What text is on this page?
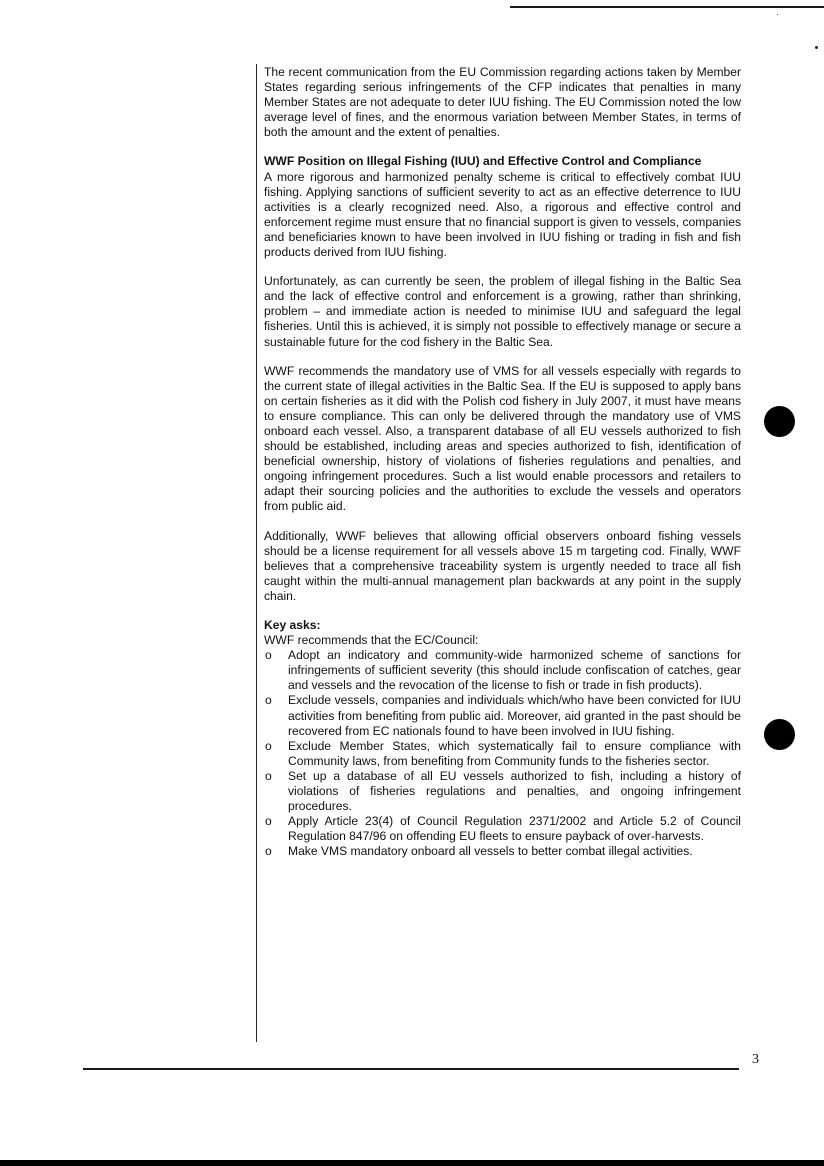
·

The recent communication from the EU Commission regarding actions taken by Member States regarding serious infringements of the CFP indicates that penalties in many Member States are not adequate to deter IUU fishing. The EU Commission noted the low average level of fines, and the enormous variation between Member States, in terms of both the amount and the extent of penalties.

WWF Position on Illegal Fishing (IUU) and Effective Control and Compliance

A more rigorous and harmonized penalty scheme is critical to effectively combat IUU fishing. Applying sanctions of sufficient severity to act as an effective deterrence to IUU activities is a clearly recognized need. Also, a rigorous and effective control and enforcement regime must ensure that no financial support is given to vessels, companies and beneficiaries known to have been involved in IUU fishing or trading in fish and fish products derived from IUU fishing.

Unfortunately, as can currently be seen, the problem of illegal fishing in the Baltic Sea and the lack of effective control and enforcement is a growing, rather than shrinking, problem – and immediate action is needed to minimise IUU and safeguard the legal fisheries. Until this is achieved, it is simply not possible to effectively manage or secure a sustainable future for the cod fishery in the Baltic Sea.

WWF recommends the mandatory use of VMS for all vessels especially with regards to the current state of illegal activities in the Baltic Sea. If the EU is supposed to apply bans on certain fisheries as it did with the Polish cod fishery in July 2007, it must have means to ensure compliance. This can only be delivered through the mandatory use of VMS onboard each vessel. Also, a transparent database of all EU vessels authorized to fish should be established, including areas and species authorized to fish, identification of beneficial ownership, history of violations of fisheries regulations and penalties, and ongoing infringement procedures. Such a list would enable processors and retailers to adapt their sourcing policies and the authorities to exclude the vessels and operators from public aid.

Additionally, WWF believes that allowing official observers onboard fishing vessels should be a license requirement for all vessels above 15 m targeting cod. Finally, WWF believes that a comprehensive traceability system is urgently needed to trace all fish caught within the multi-annual management plan backwards at any point in the supply chain.

Key asks:

WWF recommends that the EC/Council:

o Adopt an indicatory and community-wide harmonized scheme of sanctions for infringements of sufficient severity (this should include confiscation of catches, gear and vessels and the revocation of the license to fish or trade in fish products).
o Exclude vessels, companies and individuals which/who have been convicted for IUU activities from benefiting from public aid. Moreover, aid granted in the past should be recovered from EC nationals found to have been involved in IUU fishing.
o Exclude Member States, which systematically fail to ensure compliance with Community laws, from benefiting from Community funds to the fisheries sector.
o Set up a database of all EU vessels authorized to fish, including a history of violations of fisheries regulations and penalties, and ongoing infringement procedures.
o Apply Article 23(4) of Council Regulation 2371/2002 and Article 5.2 of Council Regulation 847/96 on offending EU fleets to ensure payback of over-harvests.
o Make VMS mandatory onboard all vessels to better combat illegal activities.
3
